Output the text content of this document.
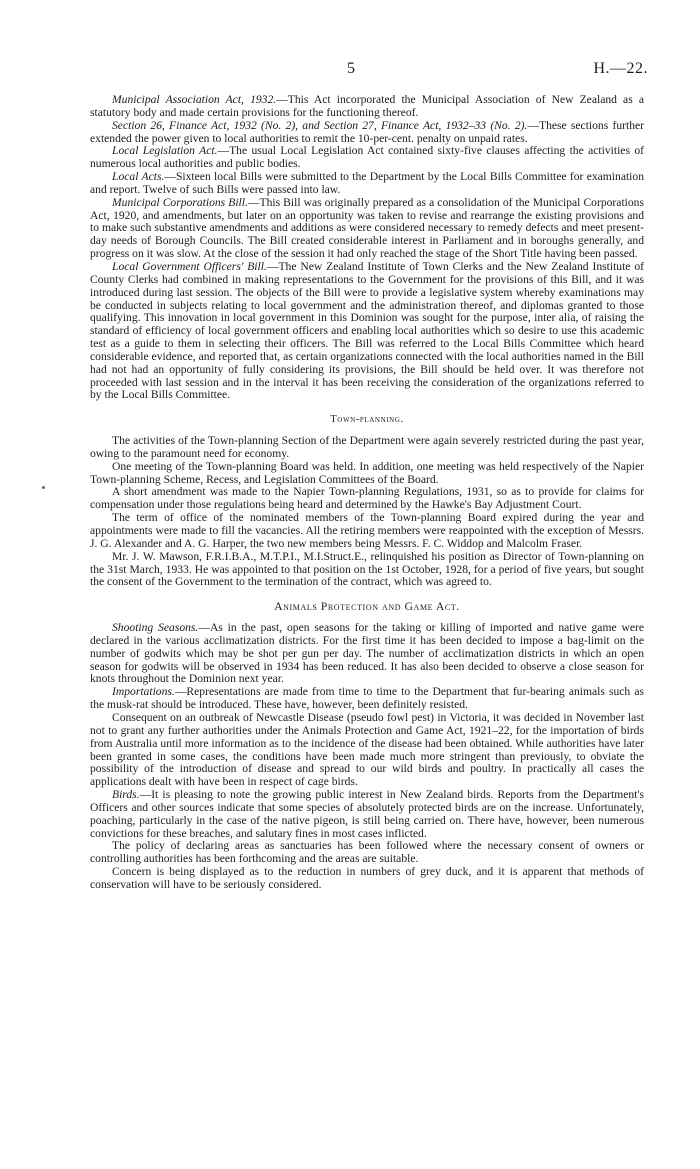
5	H.—22.

Municipal Association Act, 1932.—This Act incorporated the Municipal Association of New Zealand as a statutory body and made certain provisions for the functioning thereof.

Section 26, Finance Act, 1932 (No. 2), and Section 27, Finance Act, 1932–33 (No. 2).—These sections further extended the power given to local authorities to remit the 10-per-cent. penalty on unpaid rates.

Local Legislation Act.—The usual Local Legislation Act contained sixty-five clauses affecting the activities of numerous local authorities and public bodies.

Local Acts.—Sixteen local Bills were submitted to the Department by the Local Bills Committee for examination and report. Twelve of such Bills were passed into law.

Municipal Corporations Bill.—This Bill was originally prepared as a consolidation of the Municipal Corporations Act, 1920, and amendments, but later on an opportunity was taken to revise and rearrange the existing provisions and to make such substantive amendments and additions as were considered necessary to remedy defects and meet present-day needs of Borough Councils. The Bill created considerable interest in Parliament and in boroughs generally, and progress on it was slow. At the close of the session it had only reached the stage of the Short Title having been passed.

Local Government Officers' Bill.—The New Zealand Institute of Town Clerks and the New Zealand Institute of County Clerks had combined in making representations to the Government for the provisions of this Bill, and it was introduced during last session. The objects of the Bill were to provide a legislative system whereby examinations may be conducted in subjects relating to local government and the administration thereof, and diplomas granted to those qualifying. This innovation in local government in this Dominion was sought for the purpose, inter alia, of raising the standard of efficiency of local government officers and enabling local authorities which so desire to use this academic test as a guide to them in selecting their officers. The Bill was referred to the Local Bills Committee which heard considerable evidence, and reported that, as certain organizations connected with the local authorities named in the Bill had not had an opportunity of fully considering its provisions, the Bill should be held over. It was therefore not proceeded with last session and in the interval it has been receiving the consideration of the organizations referred to by the Local Bills Committee.

Town-planning.

The activities of the Town-planning Section of the Department were again severely restricted during the past year, owing to the paramount need for economy.

One meeting of the Town-planning Board was held. In addition, one meeting was held respectively of the Napier Town-planning Scheme, Recess, and Legislation Committees of the Board.

A short amendment was made to the Napier Town-planning Regulations, 1931, so as to provide for claims for compensation under those regulations being heard and determined by the Hawke's Bay Adjustment Court.

The term of office of the nominated members of the Town-planning Board expired during the year and appointments were made to fill the vacancies. All the retiring members were reappointed with the exception of Messrs. J. G. Alexander and A. G. Harper, the two new members being Messrs. F. C. Widdop and Malcolm Fraser.

Mr. J. W. Mawson, F.R.I.B.A., M.T.P.I., M.I.Struct.E., relinquished his position as Director of Town-planning on the 31st March, 1933. He was appointed to that position on the 1st October, 1928, for a period of five years, but sought the consent of the Government to the termination of the contract, which was agreed to.

Animals Protection and Game Act.

Shooting Seasons.—As in the past, open seasons for the taking or killing of imported and native game were declared in the various acclimatization districts. For the first time it has been decided to impose a bag-limit on the number of godwits which may be shot per gun per day. The number of acclimatization districts in which an open season for godwits will be observed in 1934 has been reduced. It has also been decided to observe a close season for knots throughout the Dominion next year.

Importations.—Representations are made from time to time to the Department that fur-bearing animals such as the musk-rat should be introduced. These have, however, been definitely resisted.

Consequent on an outbreak of Newcastle Disease (pseudo fowl pest) in Victoria, it was decided in November last not to grant any further authorities under the Animals Protection and Game Act, 1921–22, for the importation of birds from Australia until more information as to the incidence of the disease had been obtained. While authorities have later been granted in some cases, the conditions have been made much more stringent than previously, to obviate the possibility of the introduction of disease and spread to our wild birds and poultry. In practically all cases the applications dealt with have been in respect of cage birds.

Birds.—It is pleasing to note the growing public interest in New Zealand birds. Reports from the Department's Officers and other sources indicate that some species of absolutely protected birds are on the increase. Unfortunately, poaching, particularly in the case of the native pigeon, is still being carried on. There have, however, been numerous convictions for these breaches, and salutary fines in most cases inflicted.

The policy of declaring areas as sanctuaries has been followed where the necessary consent of owners or controlling authorities has been forthcoming and the areas are suitable.

Concern is being displayed as to the reduction in numbers of grey duck, and it is apparent that methods of conservation will have to be seriously considered.
